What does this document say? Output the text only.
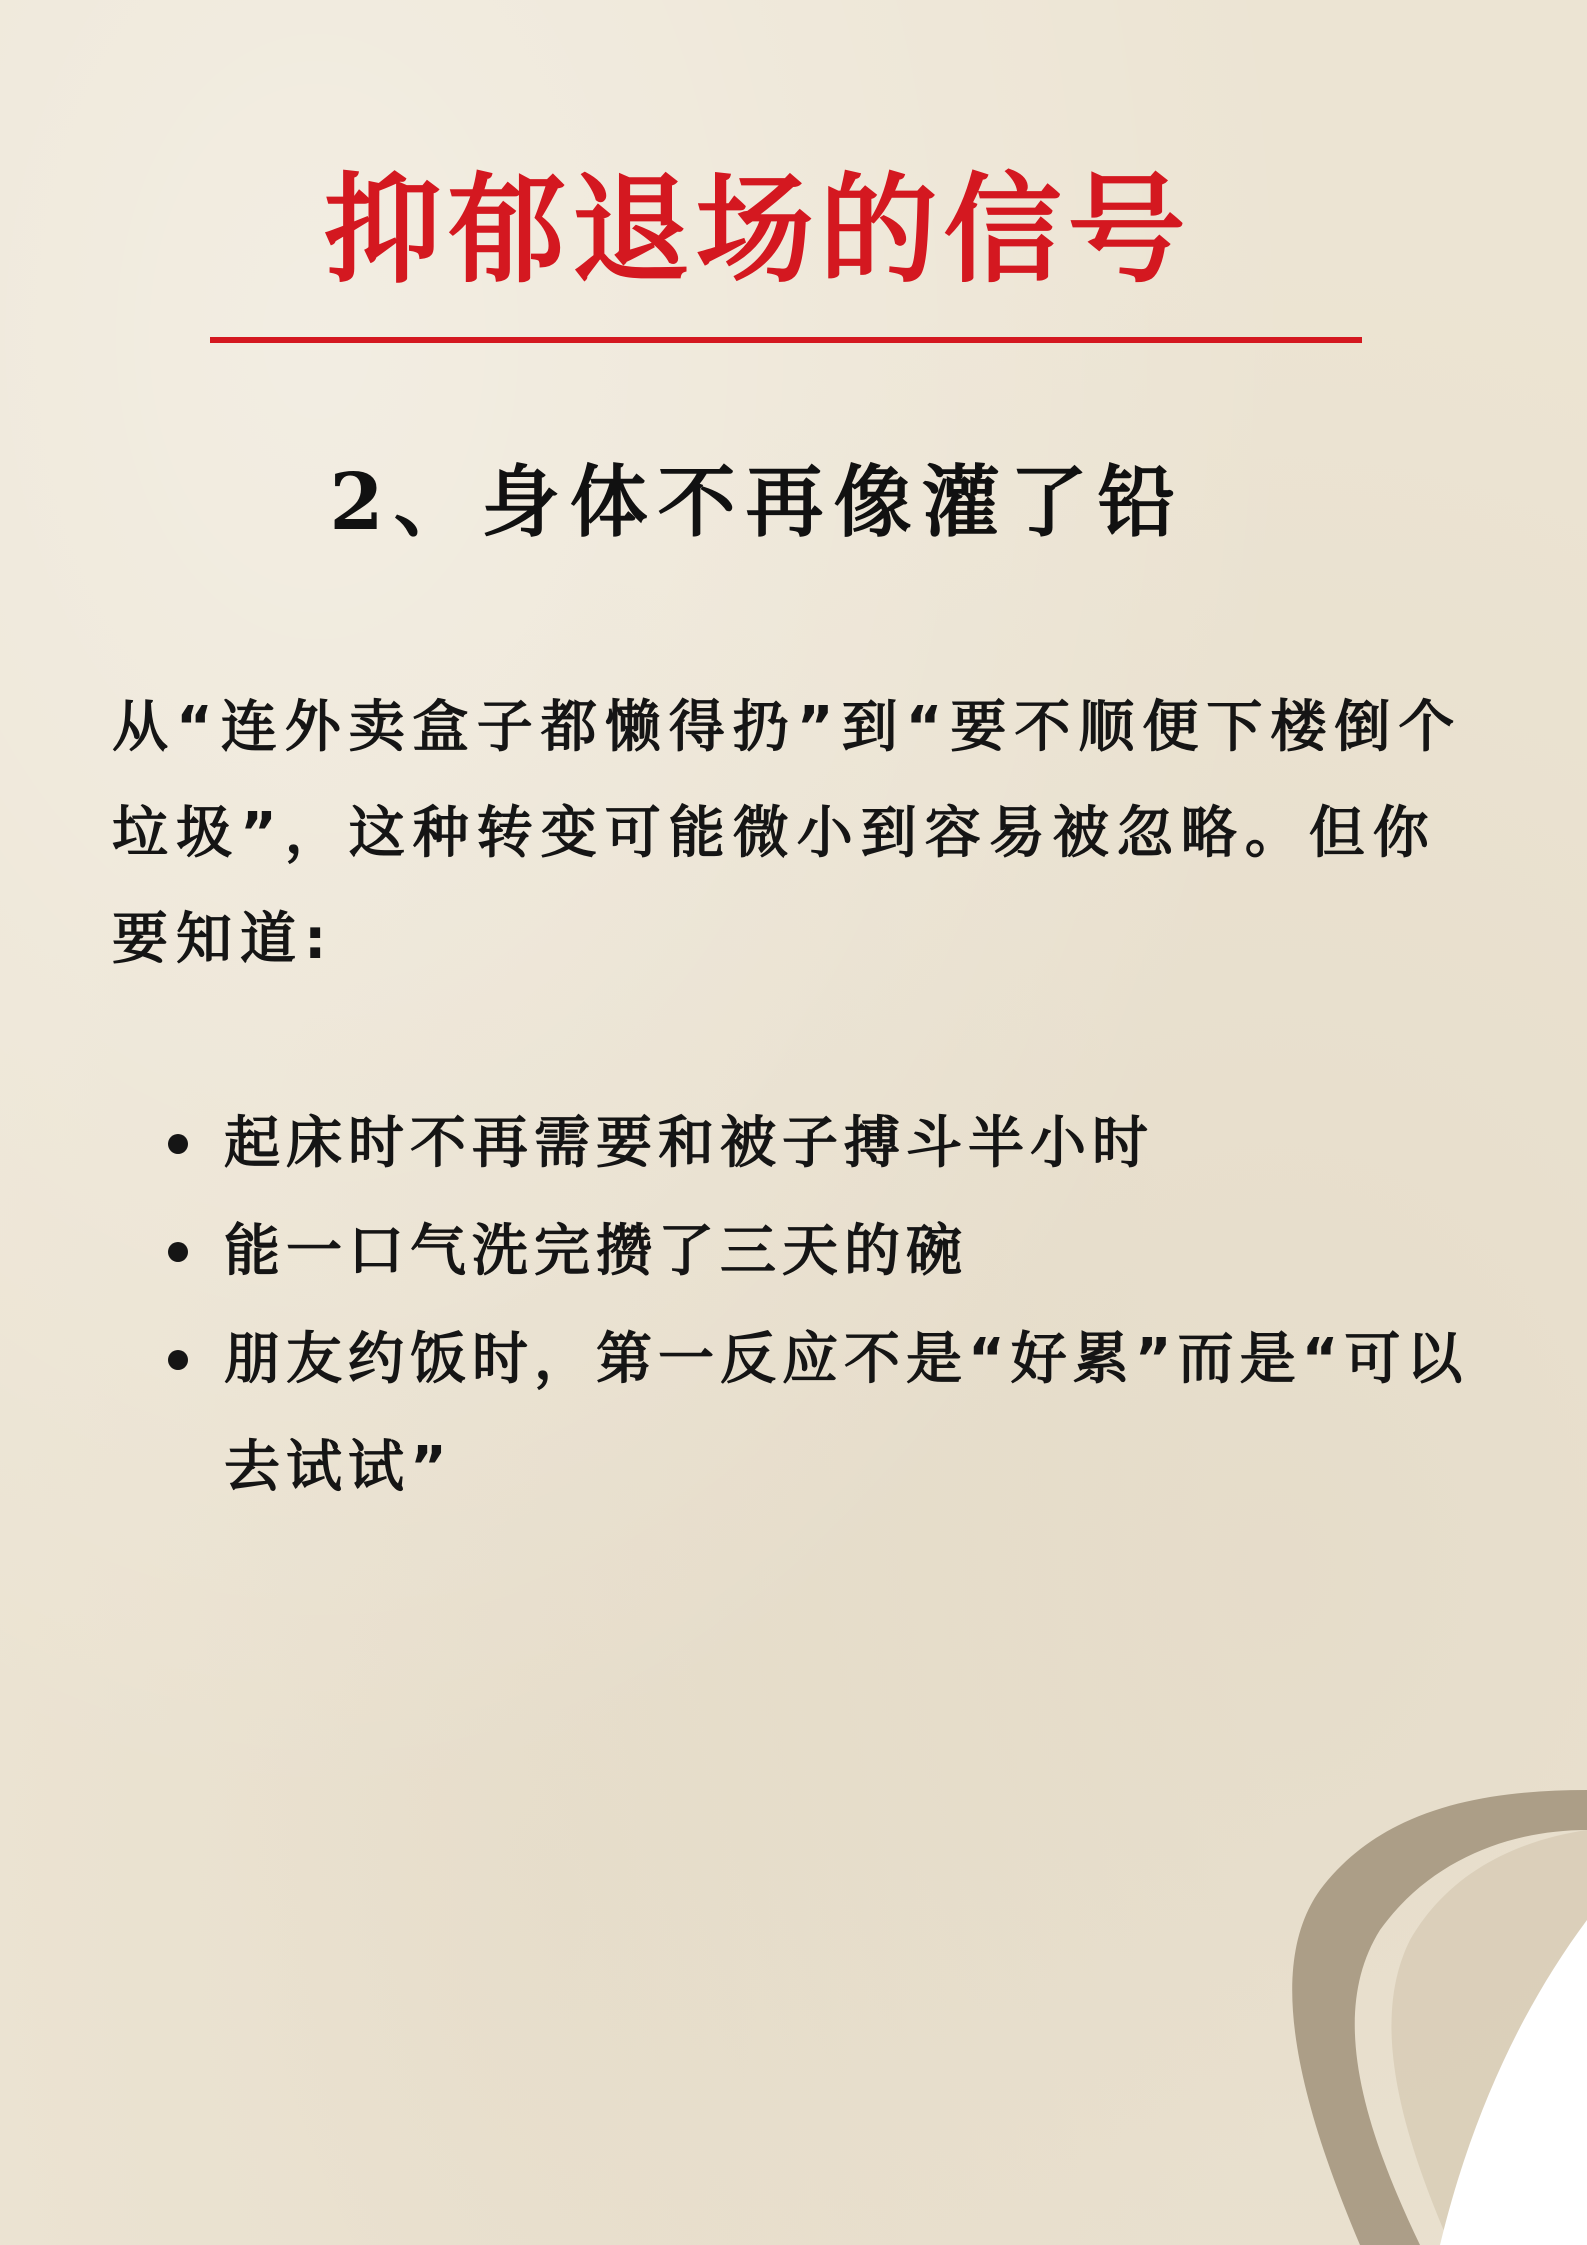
抑郁退场的信号
2、身体不再像灌了铅

从“连外卖盒子都懒得扔”到“要不顺便下楼倒个垃圾”，这种转变可能微小到容易被忽略。但你要知道:

起床时不再需要和被子搏斗半小时
能一口气洗完攒了三天的碗
朋友约饭时，第一反应不是“好累”而是“可以去试试”
